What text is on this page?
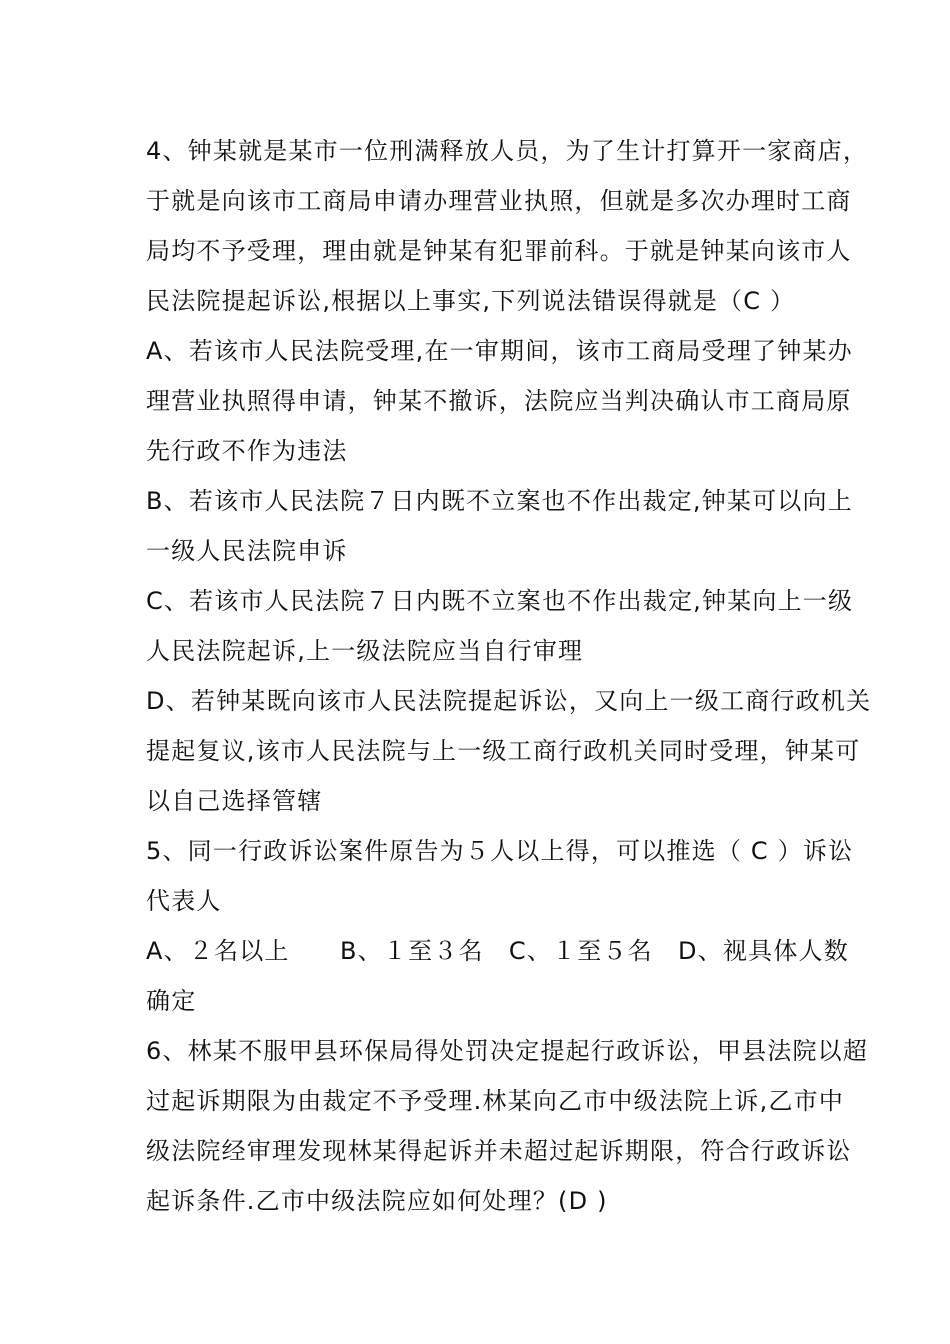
4、钟某就是某市一位刑满释放人员，为了生计打算开一家商店，
于就是向该市工商局申请办理营业执照，但就是多次办理时工商
局均不予受理，理由就是钟某有犯罪前科。于就是钟某向该市人
民法院提起诉讼,根据以上事实,下列说法错误得就是（C ）
A、若该市人民法院受理,在一审期间，该市工商局受理了钟某办
理营业执照得申请，钟某不撤诉，法院应当判决确认市工商局原
先行政不作为违法
B、若该市人民法院７日内既不立案也不作出裁定,钟某可以向上
一级人民法院申诉
C、若该市人民法院７日内既不立案也不作出裁定,钟某向上一级
人民法院起诉,上一级法院应当自行审理
D、若钟某既向该市人民法院提起诉讼，又向上一级工商行政机关
提起复议,该市人民法院与上一级工商行政机关同时受理，钟某可
以自己选择管辖
5、同一行政诉讼案件原告为５人以上得，可以推选（ C ）诉讼
代表人
A、２名以上　　B、１至３名　C、１至５名　D、视具体人数
确定
6、林某不服甲县环保局得处罚决定提起行政诉讼，甲县法院以超
过起诉期限为由裁定不予受理.林某向乙市中级法院上诉,乙市中
级法院经审理发现林某得起诉并未超过起诉期限，符合行政诉讼
起诉条件.乙市中级法院应如何处理？(D )
